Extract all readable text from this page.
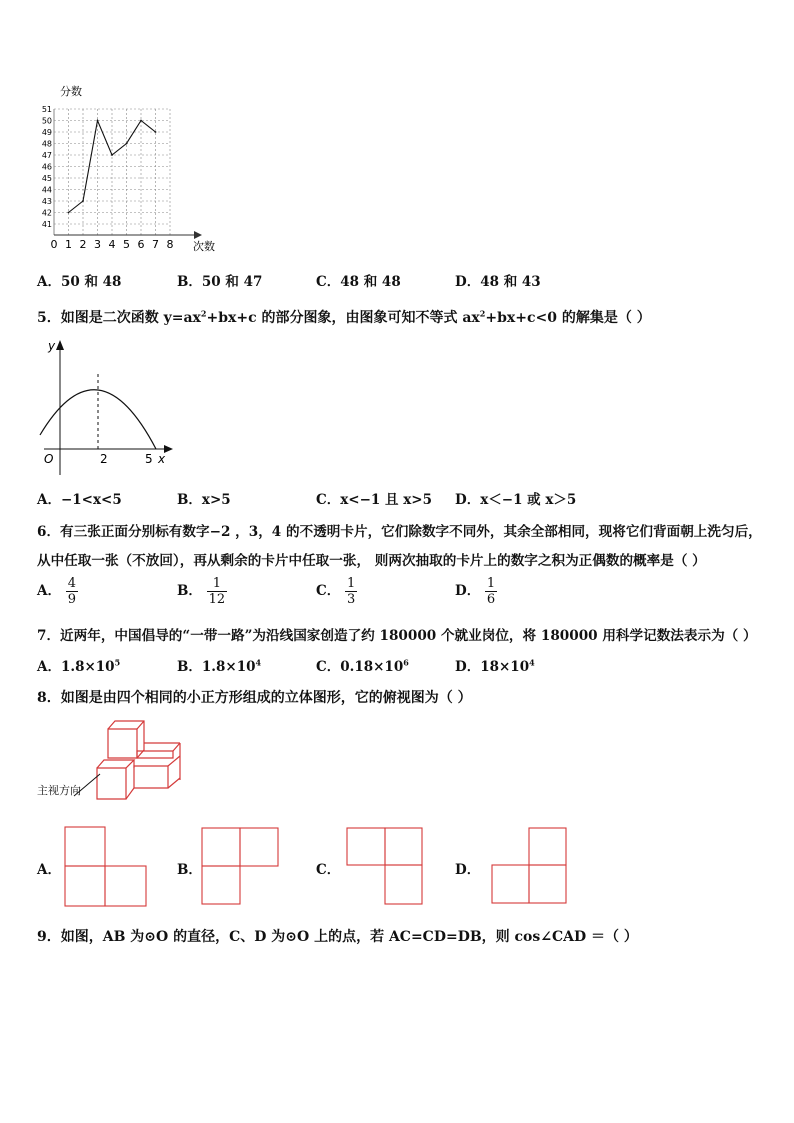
分数
41
42
43
44
45
46
47
48
49
50
51
0 1 2 3 4 5 6 7 8 次数
A．50 和 48	B．50 和 47	C．48 和 48	D．48 和 43
5．如图是二次函数 $y=ax^2+bx+c$ 的部分图象，由图象可知不等式 $ax^2+bx+c<0$ 的解集是（ ）
y
O	2	5 x
A．−1<x<5	B．x>5	C．x<−1 且 x>5 D．x＜−1 或 x＞5
6．有三张正面分别标有数字−2 ，3，4 的不透明卡片，它们除数字不同外，其余全部相同，现将它们背面朝上洗匀后，
从中任取一张（不放回），再从剩余的卡片中任取一张， 则两次抽取的卡片上的数字之积为正偶数的概率是（ ）
A． $\frac{4}{9}$	B． $\frac{1}{12}$	C． $\frac{1}{3}$	D． $\frac{1}{6}$
7．近两年，中国倡导的“一带一路”为沿线国家创造了约 180000 个就业岗位，将 180000 用科学记数法表示为（ ）
A．$1.8\times 10^5$	B．$1.8\times 10^4$	C．$0.18\times 10^6$	D．$18\times 10^4$
8．如图是由四个相同的小正方形组成的立体图形，它的俯视图为（ ）
主视方向
A．	B．	C．	D．
9．如图，AB 为⊙O 的直径，C、D 为⊙O 上的点，若 AC=CD=DB，则 cos∠CAD ＝（ ）
